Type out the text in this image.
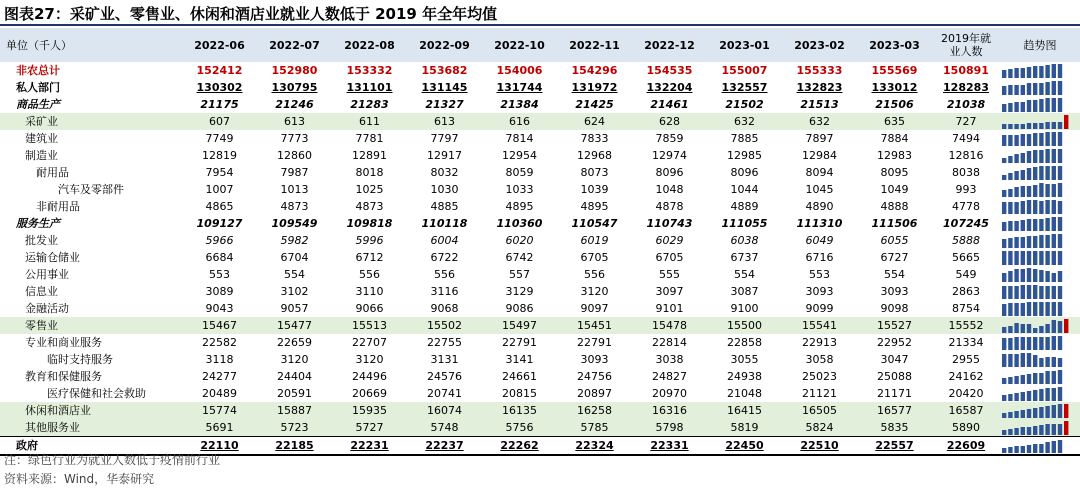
图表27：采矿业、零售业、休闲和酒店业就业人数低于 2019 年全年均值
单位（千人）	2022-06	2022-07	2022-08	2022-09	2022-10	2022-11	2022-12	2023-01	2023-02	2023-03	2019年就
业人数	趋势图
非农总计	152412	152980	153332	153682	154006	154296	154535	155007	155333	155569	150891	

私人部门	130302	130795	131101	131145	131744	131972	132204	132557	132823	133012	128283	

商品生产	21175	21246	21283	21327	21384	21425	21461	21502	21513	21506	21038	

采矿业	607	613	611	613	616	624	628	632	632	635	727	

建筑业	7749	7773	7781	7797	7814	7833	7859	7885	7897	7884	7494	

制造业	12819	12860	12891	12917	12954	12968	12974	12985	12984	12983	12816	

耐用品	7954	7987	8018	8032	8059	8073	8096	8096	8094	8095	8038	

汽车及零部件	1007	1013	1025	1030	1033	1039	1048	1044	1045	1049	993	

非耐用品	4865	4873	4873	4885	4895	4895	4878	4889	4890	4888	4778	

服务生产	109127	109549	109818	110118	110360	110547	110743	111055	111310	111506	107245	

批发业	5966	5982	5996	6004	6020	6019	6029	6038	6049	6055	5888	

运输仓储业	6684	6704	6712	6722	6742	6705	6705	6737	6716	6727	5665	

公用事业	553	554	556	556	557	556	555	554	553	554	549	

信息业	3089	3102	3110	3116	3129	3120	3097	3087	3093	3093	2863	

金融活动	9043	9057	9066	9068	9086	9097	9101	9100	9099	9098	8754	

零售业	15467	15477	15513	15502	15497	15451	15478	15500	15541	15527	15552	

专业和商业服务	22582	22659	22707	22755	22791	22791	22814	22858	22913	22952	21334	

临时支持服务	3118	3120	3120	3131	3141	3093	3038	3055	3058	3047	2955	

教育和保健服务	24277	24404	24496	24576	24661	24756	24827	24938	25023	25088	24162	

医疗保健和社会救助	20489	20591	20669	20741	20815	20897	20970	21048	21121	21171	20420	

休闲和酒店业	15774	15887	15935	16074	16135	16258	16316	16415	16505	16577	16587	

其他服务业	5691	5723	5727	5748	5756	5785	5798	5819	5824	5835	5890	

政府	22110	22185	22231	22237	22262	22324	22331	22450	22510	22557	22609	
注：绿色行业为就业人数低于疫情前行业
资料来源：Wind，华泰研究
